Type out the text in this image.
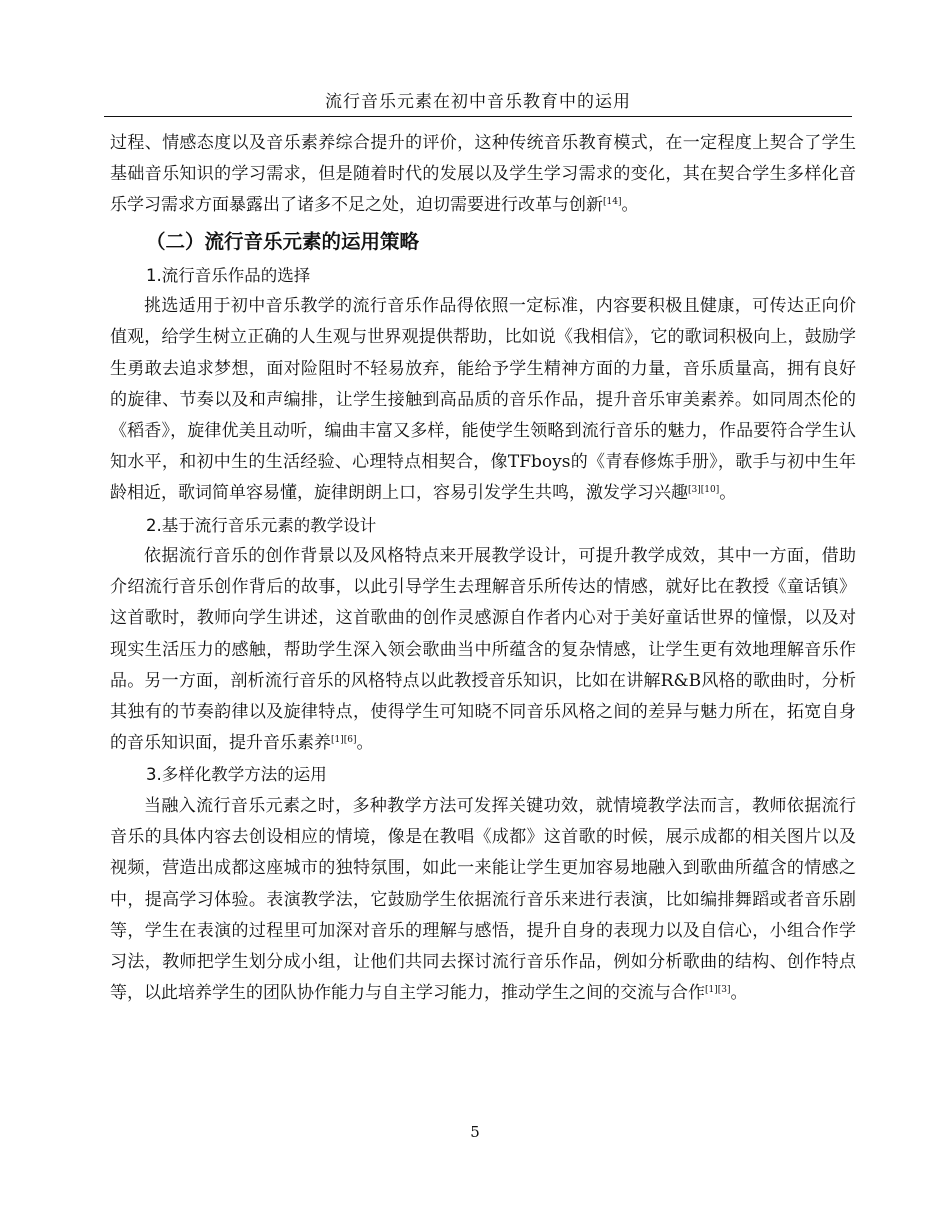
流行音乐元素在初中音乐教育中的运用

过程、情感态度以及音乐素养综合提升的评价，这种传统音乐教育模式，在一定程度上契合了学生基础音乐知识的学习需求，但是随着时代的发展以及学生学习需求的变化，其在契合学生多样化音乐学习需求方面暴露出了诸多不足之处，迫切需要进行改革与创新[14]。

（二）流行音乐元素的运用策略
1.流行音乐作品的选择

挑选适用于初中音乐教学的流行音乐作品得依照一定标准，内容要积极且健康，可传达正向价值观，给学生树立正确的人生观与世界观提供帮助，比如说《我相信》，它的歌词积极向上，鼓励学生勇敢去追求梦想，面对险阻时不轻易放弃，能给予学生精神方面的力量，音乐质量高，拥有良好的旋律、节奏以及和声编排，让学生接触到高品质的音乐作品，提升音乐审美素养。如同周杰伦的《稻香》，旋律优美且动听，编曲丰富又多样，能使学生领略到流行音乐的魅力，作品要符合学生认知水平，和初中生的生活经验、心理特点相契合，像TFboys的《青春修炼手册》，歌手与初中生年龄相近，歌词简单容易懂，旋律朗朗上口，容易引发学生共鸣，激发学习兴趣[3][10]。

2.基于流行音乐元素的教学设计

依据流行音乐的创作背景以及风格特点来开展教学设计，可提升教学成效，其中一方面，借助介绍流行音乐创作背后的故事，以此引导学生去理解音乐所传达的情感，就好比在教授《童话镇》这首歌时，教师向学生讲述，这首歌曲的创作灵感源自作者内心对于美好童话世界的憧憬，以及对现实生活压力的感触，帮助学生深入领会歌曲当中所蕴含的复杂情感，让学生更有效地理解音乐作品。另一方面，剖析流行音乐的风格特点以此教授音乐知识，比如在讲解R&B风格的歌曲时，分析其独有的节奏韵律以及旋律特点，使得学生可知晓不同音乐风格之间的差异与魅力所在，拓宽自身的音乐知识面，提升音乐素养[1][6]。

3.多样化教学方法的运用

当融入流行音乐元素之时，多种教学方法可发挥关键功效，就情境教学法而言，教师依据流行音乐的具体内容去创设相应的情境，像是在教唱《成都》这首歌的时候，展示成都的相关图片以及视频，营造出成都这座城市的独特氛围，如此一来能让学生更加容易地融入到歌曲所蕴含的情感之中，提高学习体验。表演教学法，它鼓励学生依据流行音乐来进行表演，比如编排舞蹈或者音乐剧等，学生在表演的过程里可加深对音乐的理解与感悟，提升自身的表现力以及自信心，小组合作学习法，教师把学生划分成小组，让他们共同去探讨流行音乐作品，例如分析歌曲的结构、创作特点等，以此培养学生的团队协作能力与自主学习能力，推动学生之间的交流与合作[1][3]。

5
